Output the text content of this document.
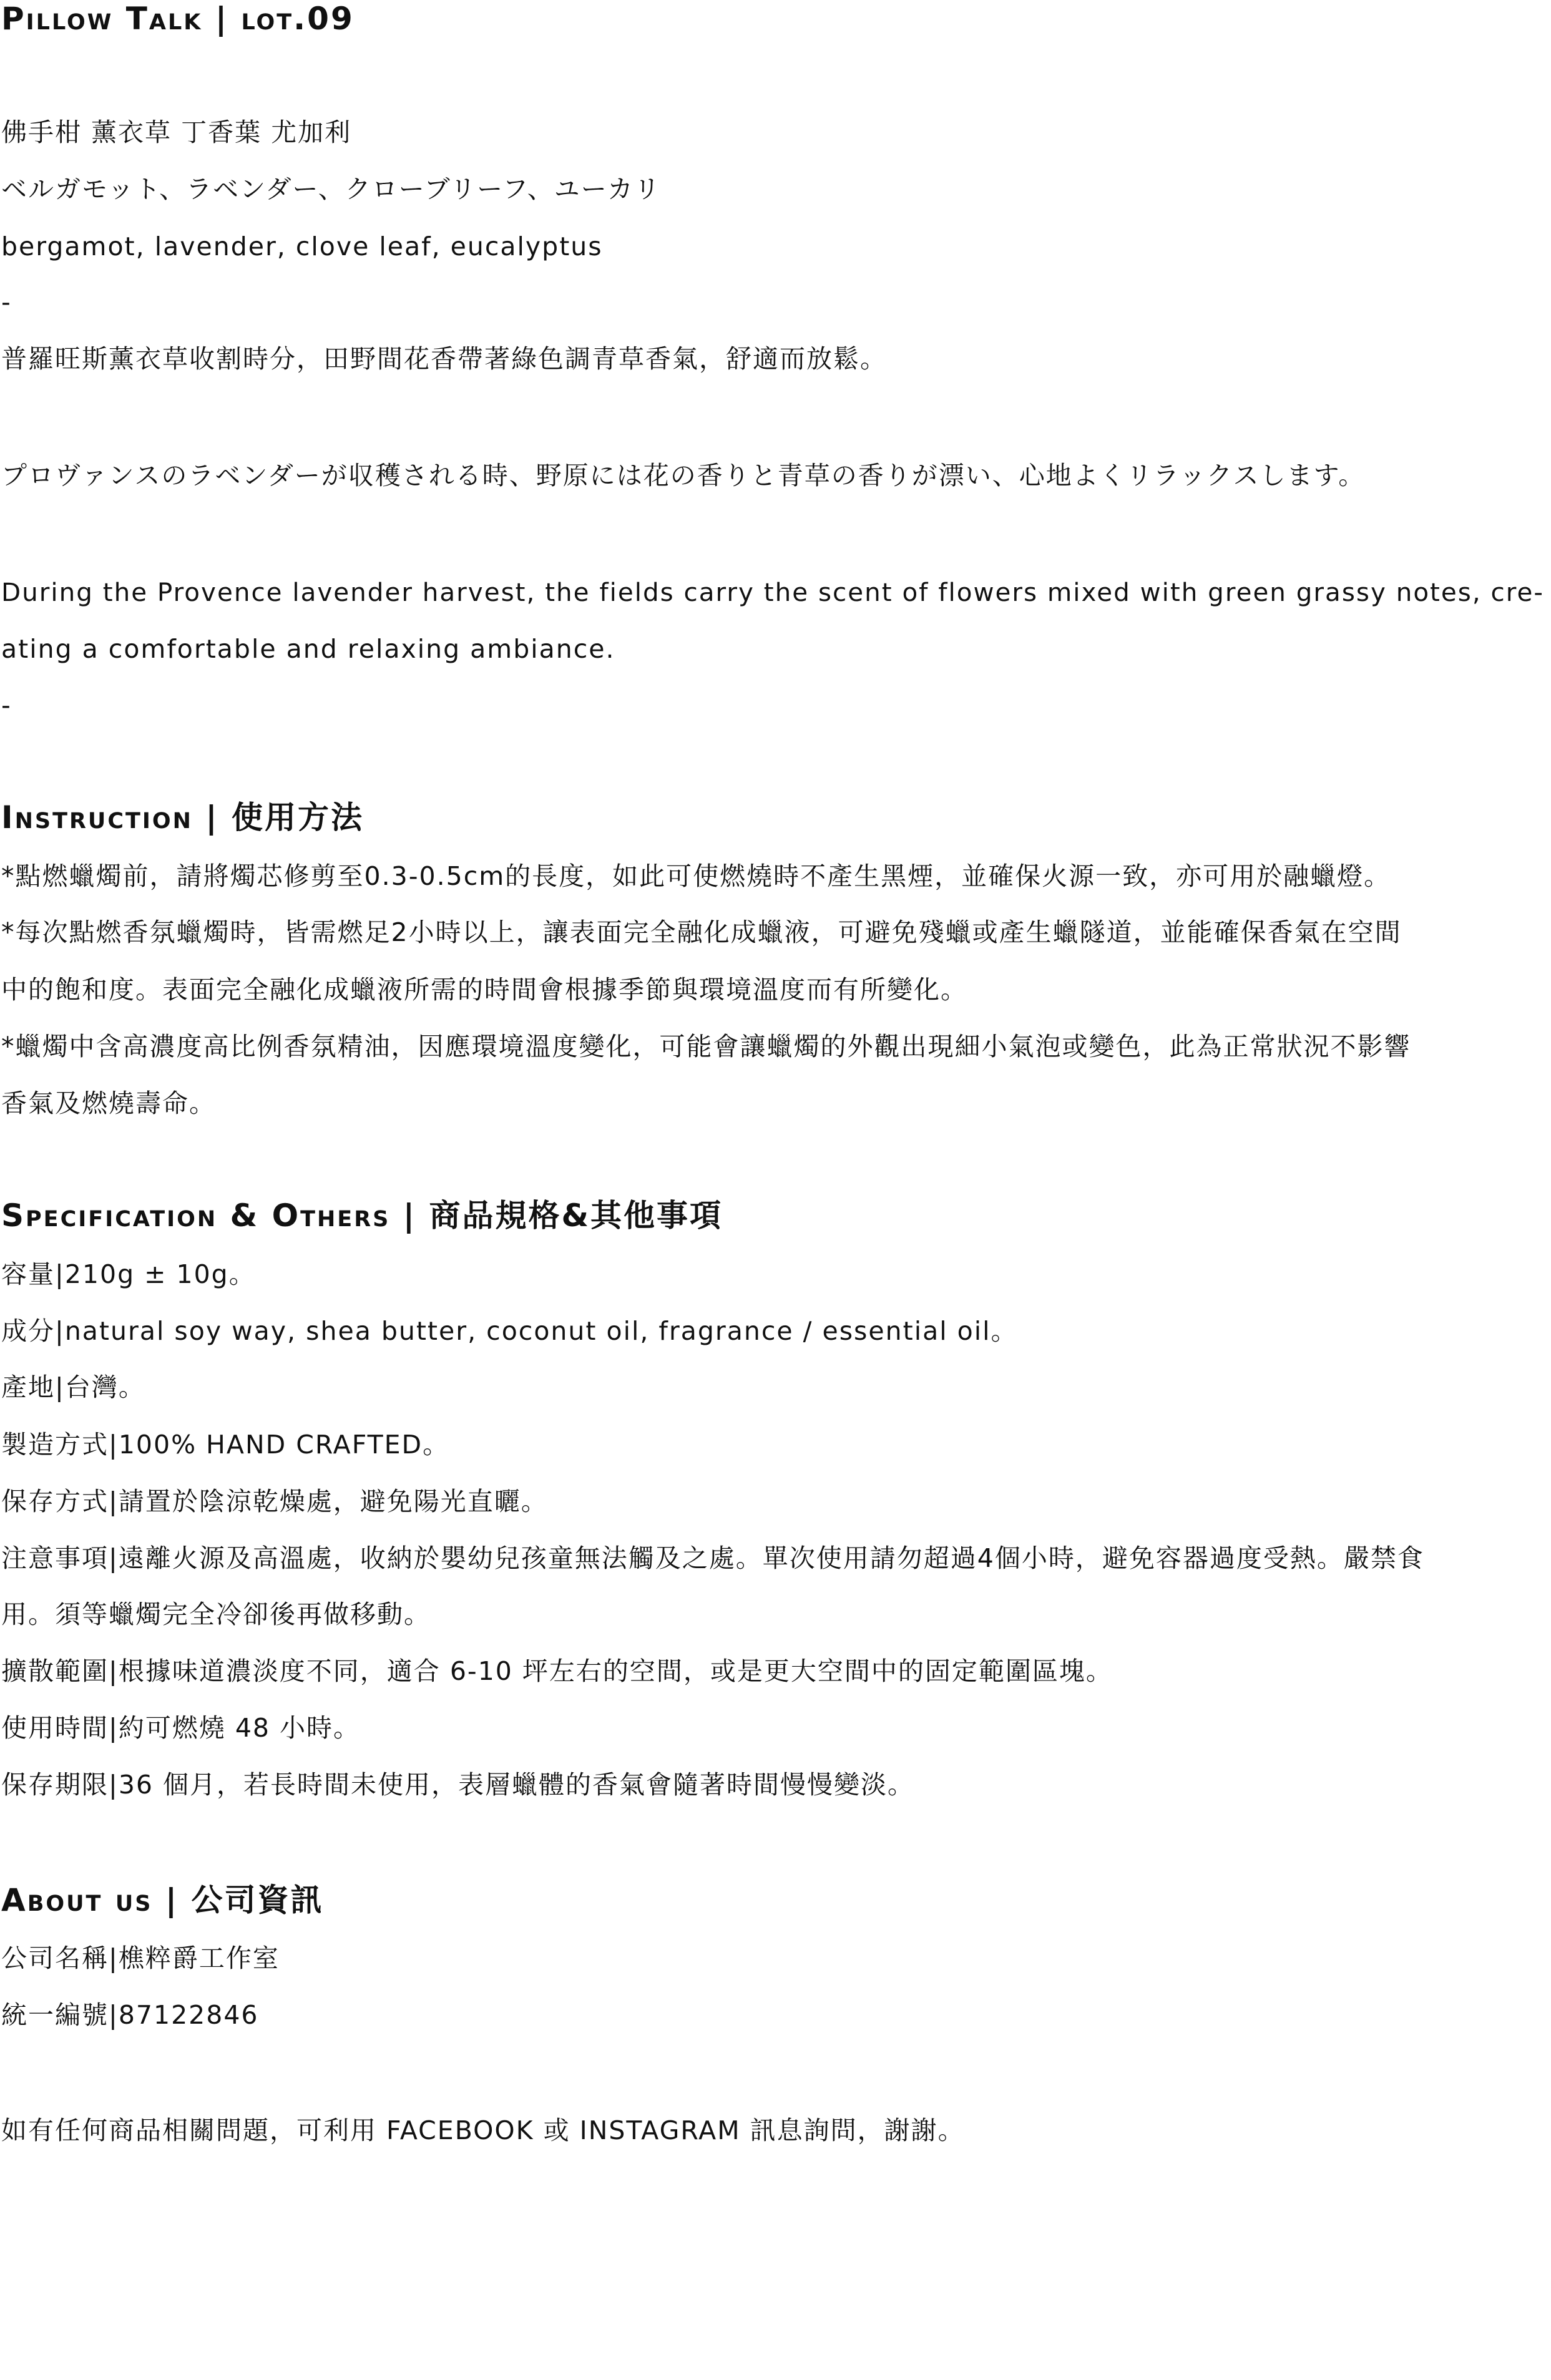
Pillow Talk | lot.09

佛手柑 薰衣草 丁香葉 尤加利

ベルガモット、ラベンダー、クローブリーフ、ユーカリ

bergamot, lavender, clove leaf, eucalyptus

-

普羅旺斯薰衣草收割時分，田野間花香帶著綠色調青草香氣，舒適而放鬆。

プロヴァンスのラベンダーが収穫される時、野原には花の香りと青草の香りが漂い、心地よくリラックスします。

During the Provence lavender harvest, the fields carry the scent of flowers mixed with green grassy notes, cre-

ating a comfortable and relaxing ambiance.

-

Instruction | 使用方法

*點燃蠟燭前，請將燭芯修剪至0.3-0.5cm的長度，如此可使燃燒時不產生黑煙，並確保火源一致，亦可用於融蠟燈。

*每次點燃香氛蠟燭時，皆需燃足2小時以上，讓表面完全融化成蠟液，可避免殘蠟或產生蠟隧道，並能確保香氣在空間

中的飽和度。表面完全融化成蠟液所需的時間會根據季節與環境溫度而有所變化。

*蠟燭中含高濃度高比例香氛精油，因應環境溫度變化，可能會讓蠟燭的外觀出現細小氣泡或變色，此為正常狀況不影響

香氣及燃燒壽命。

Specification & Others | 商品規格&其他事項

容量|210g ± 10g。

成分|natural soy way, shea butter, coconut oil, fragrance / essential oil。

產地|台灣。

製造方式|100% HAND CRAFTED。

保存方式|請置於陰涼乾燥處，避免陽光直曬。

注意事項|遠離火源及高溫處，收納於嬰幼兒孩童無法觸及之處。單次使用請勿超過4個小時，避免容器過度受熱。嚴禁食

用。須等蠟燭完全冷卻後再做移動。

擴散範圍|根據味道濃淡度不同，適合 6-10 坪左右的空間，或是更大空間中的固定範圍區塊。

使用時間|約可燃燒 48 小時。

保存期限|36 個月，若長時間未使用，表層蠟體的香氣會隨著時間慢慢變淡。

About us | 公司資訊

公司名稱|樵粹爵工作室

統一編號|87122846

如有任何商品相關問題，可利用 FACEBOOK 或 INSTAGRAM 訊息詢問，謝謝。
